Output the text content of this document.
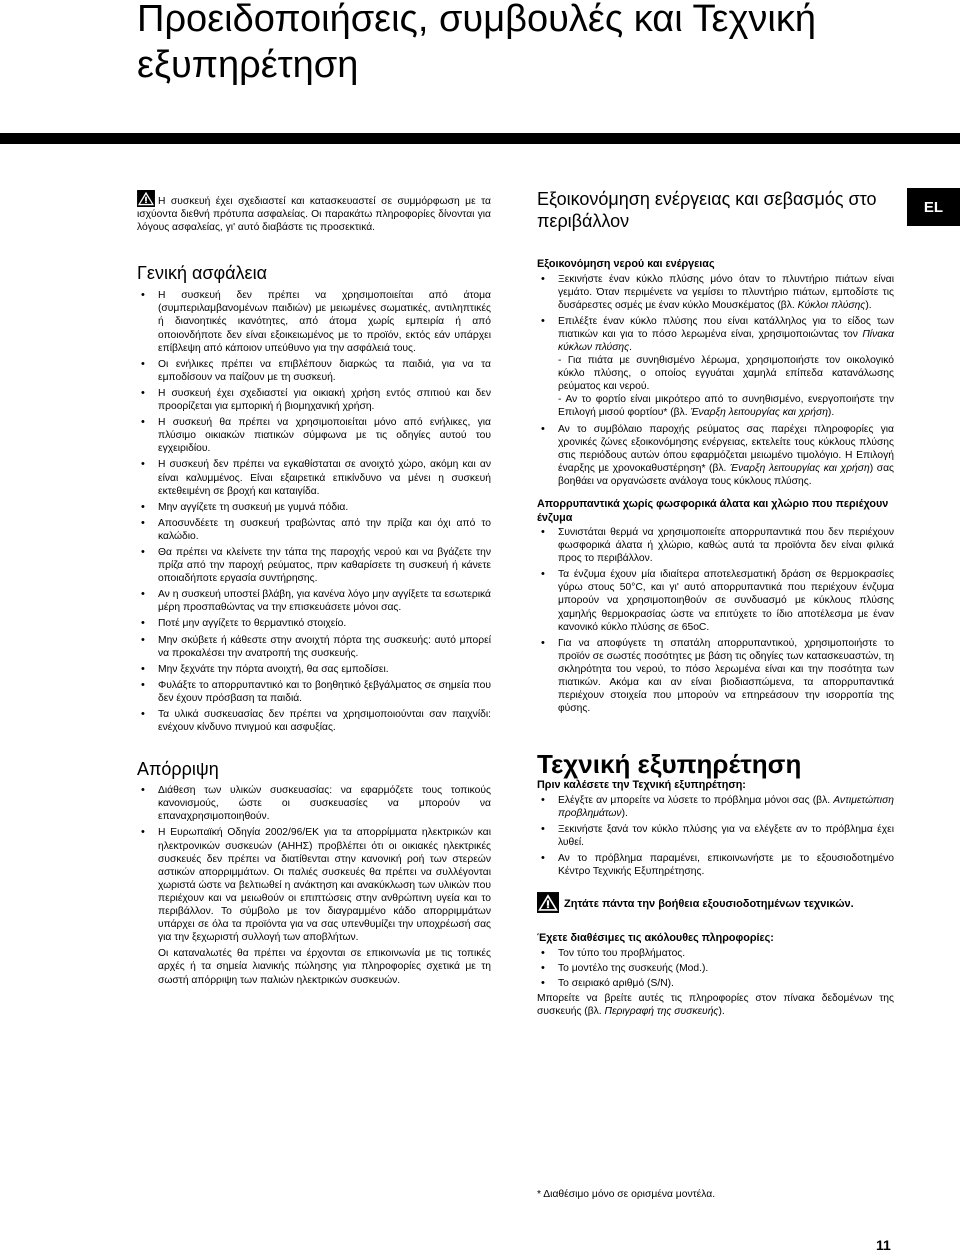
Προειδοποιήσεις, συμβουλές και Τεχνική εξυπηρέτηση
EL

Η συσκευή έχει σχεδιαστεί και κατασκευαστεί σε συμμόρφωση με τα ισχύοντα διεθνή πρότυπα ασφαλείας. Οι παρακάτω πληροφορίες δίνονται για λόγους ασφαλείας, γι' αυτό διαβάστε τις προσεκτικά.

Γενική ασφάλεια
• Η συσκευή δεν πρέπει να χρησιμοποιείται από άτομα (συμπεριλαμβανομένων παιδιών) με μειωμένες σωματικές, αντιληπτικές ή διανοητικές ικανότητες, από άτομα χωρίς εμπειρία ή από οποιονδήποτε δεν είναι εξοικειωμένος με το προϊόν, εκτός εάν υπάρχει επίβλεψη από κάποιον υπεύθυνο για την ασφάλειά τους.
• Οι ενήλικες πρέπει να επιβλέπουν διαρκώς τα παιδιά, για να τα εμποδίσουν να παίζουν με τη συσκευή.
• Η συσκευή έχει σχεδιαστεί για οικιακή χρήση εντός σπιτιού και δεν προορίζεται για εμπορική ή βιομηχανική χρήση.
• Η συσκευή θα πρέπει να χρησιμοποιείται μόνο από ενήλικες, για πλύσιμο οικιακών πιατικών σύμφωνα με τις οδηγίες αυτού του εγχειριδίου.
• Η συσκευή δεν πρέπει να εγκαθίσταται σε ανοιχτό χώρο, ακόμη και αν είναι καλυμμένος. Είναι εξαιρετικά επικίνδυνο να μένει η συσκευή εκτεθειμένη σε βροχή και καταιγίδα.
• Μην αγγίζετε τη συσκευή με γυμνά πόδια.
• Αποσυνδέετε τη συσκευή τραβώντας από την πρίζα και όχι από το καλώδιο.
• Θα πρέπει να κλείνετε την τάπα της παροχής νερού και να βγάζετε την πρίζα από την παροχή ρεύματος, πριν καθαρίσετε τη συσκευή ή κάνετε οποιαδήποτε εργασία συντήρησης.
• Αν η συσκευή υποστεί βλάβη, για κανένα λόγο μην αγγίξετε τα εσωτερικά μέρη προσπαθώντας να την επισκευάσετε μόνοι σας.
• Ποτέ μην αγγίζετε το θερμαντικό στοιχείο.
• Μην σκύβετε ή κάθεστε στην ανοιχτή πόρτα της συσκευής: αυτό μπορεί να προκαλέσει την ανατροπή της συσκευής.
• Μην ξεχνάτε την πόρτα ανοιχτή, θα σας εμποδίσει.
• Φυλάξτε το απορρυπαντικό και το βοηθητικό ξεβγάλματος σε σημεία που δεν έχουν πρόσβαση τα παιδιά.
• Τα υλικά συσκευασίας δεν πρέπει να χρησιμοποιούνται σαν παιχνίδι: ενέχουν κίνδυνο πνιγμού και ασφυξίας.
Απόρριψη
• Διάθεση των υλικών συσκευασίας: να εφαρμόζετε τους τοπικούς κανονισμούς, ώστε οι συσκευασίες να μπορούν να επαναχρησιμοποιηθούν.
• Η Ευρωπαϊκή Οδηγία 2002/96/ΕΚ για τα απορρίμματα ηλεκτρικών και ηλεκτρονικών συσκευών (ΑΗΗΣ) προβλέπει ότι οι οικιακές ηλεκτρικές συσκευές δεν πρέπει να διατίθενται στην κανονική ροή των στερεών αστικών απορριμμάτων. Οι παλιές συσκευές θα πρέπει να συλλέγονται χωριστά ώστε να βελτιωθεί η ανάκτηση και ανακύκλωση των υλικών που περιέχουν και να μειωθούν οι επιπτώσεις στην ανθρώπινη υγεία και το περιβάλλον. Το σύμβολο με τον διαγραμμένο κάδο απορριμμάτων υπάρχει σε όλα τα προϊόντα για να σας υπενθυμίζει την υποχρέωσή σας για την ξεχωριστή συλλογή των αποβλήτων.
Οι καταναλωτές θα πρέπει να έρχονται σε επικοινωνία με τις τοπικές αρχές ή τα σημεία λιανικής πώλησης για πληροφορίες σχετικά με τη σωστή απόρριψη των παλιών ηλεκτρικών συσκευών.
Εξοικονόμηση ενέργειας και σεβασμός στο περιβάλλον
Εξοικονόμηση νερού και ενέργειας
• Ξεκινήστε έναν κύκλο πλύσης μόνο όταν το πλυντήριο πιάτων είναι γεμάτο. Όταν περιμένετε να γεμίσει το πλυντήριο πιάτων, εμποδίστε τις δυσάρεστες οσμές με έναν κύκλο Μουσκέματος (βλ. Κύκλοι πλύσης).
• Επιλέξτε έναν κύκλο πλύσης που είναι κατάλληλος για το είδος των πιατικών και για το πόσο λερωμένα είναι, χρησιμοποιώντας τον Πίνακα κύκλων πλύσης.
- Για πιάτα με συνηθισμένο λέρωμα, χρησιμοποιήστε τον οικολογικό κύκλο πλύσης, ο οποίος εγγυάται χαμηλά επίπεδα κατανάλωσης ρεύματος και νερού.
- Αν το φορτίο είναι μικρότερο από το συνηθισμένο, ενεργοποιήστε την Επιλογή μισού φορτίου* (βλ. Έναρξη λειτουργίας και χρήση).
• Αν το συμβόλαιο παροχής ρεύματος σας παρέχει πληροφορίες για χρονικές ζώνες εξοικονόμησης ενέργειας, εκτελείτε τους κύκλους πλύσης στις περιόδους αυτών όπου εφαρμόζεται μειωμένο τιμολόγιο. Η Επιλογή έναρξης με χρονοκαθυστέρηση* (βλ. Έναρξη λειτουργίας και χρήση) σας βοηθάει να οργανώσετε ανάλογα τους κύκλους πλύσης.
Απορρυπαντικά χωρίς φωσφορικά άλατα και χλώριο που περιέχουν ένζυμα
• Συνιστάται θερμά να χρησιμοποιείτε απορρυπαντικά που δεν περιέχουν φωσφορικά άλατα ή χλώριο, καθώς αυτά τα προϊόντα δεν είναι φιλικά προς το περιβάλλον.
• Τα ένζυμα έχουν μία ιδιαίτερα αποτελεσματική δράση σε θερμοκρασίες γύρω στους 50°C, και γι' αυτό απορρυπαντικά που περιέχουν ένζυμα μπορούν να χρησιμοποιηθούν σε συνδυασμό με κύκλους πλύσης χαμηλής θερμοκρασίας ώστε να επιτύχετε το ίδιο αποτέλεσμα με έναν κανονικό κύκλο πλύσης σε 65oC.
• Για να αποφύγετε τη σπατάλη απορρυπαντικού, χρησιμοποιήστε το προϊόν σε σωστές ποσότητες με βάση τις οδηγίες των κατασκευαστών, τη σκληρότητα του νερού, το πόσο λερωμένα είναι και την ποσότητα των πιατικών. Ακόμα και αν είναι βιοδιασπώμενα, τα απορρυπαντικά περιέχουν στοιχεία που μπορούν να επηρεάσουν την ισορροπία της φύσης.
Τεχνική εξυπηρέτηση
Πριν καλέσετε την Τεχνική εξυπηρέτηση:
• Ελέγξτε αν μπορείτε να λύσετε το πρόβλημα μόνοι σας (βλ. Αντιμετώπιση προβλημάτων).
• Ξεκινήστε ξανά τον κύκλο πλύσης για να ελέγξετε αν το πρόβλημα έχει λυθεί.
• Αν το πρόβλημα παραμένει, επικοινωνήστε με το εξουσιοδοτημένο Κέντρο Τεχνικής Εξυπηρέτησης.

Ζητάτε πάντα την βοήθεια εξουσιοδοτημένων τεχνικών.

Έχετε διαθέσιμες τις ακόλουθες πληροφορίες:
• Τον τύπο του προβλήματος.
• Το μοντέλο της συσκευής (Mod.).
• Το σειριακό αριθμό (S/N).

Μπορείτε να βρείτε αυτές τις πληροφορίες στον πίνακα δεδομένων της συσκευής (βλ. Περιγραφή της συσκευής).

* Διαθέσιμο μόνο σε ορισμένα μοντέλα.
11
